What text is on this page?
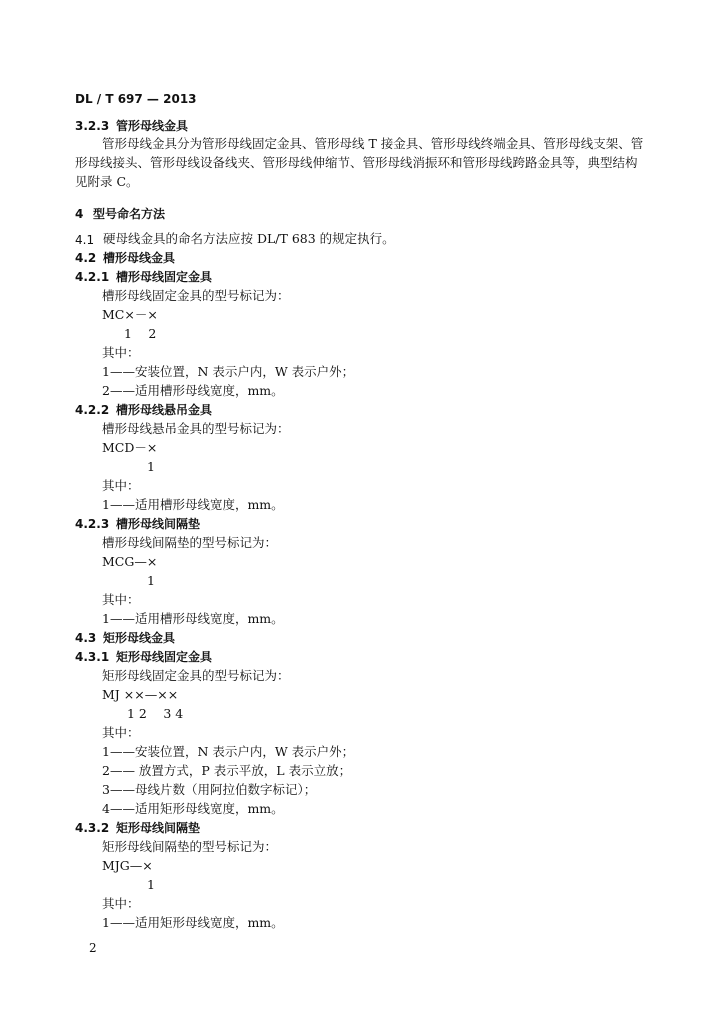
DL / T 697 — 2013
3.2.3 管形母线金具
管形母线金具分为管形母线固定金具、管形母线 T 接金具、管形母线终端金具、管形母线支架、管
形母线接头、管形母线设备线夹、管形母线伸缩节、管形母线消振环和管形母线跨路金具等，典型结构
见附录 C。
4 型号命名方法
4.1 硬母线金具的命名方法应按 DL/T 683 的规定执行。
4.2 槽形母线金具
4.2.1 槽形母线固定金具
槽形母线固定金具的型号标记为：
MC×－×
1　 2
其中：
1——安装位置，N 表示户内，W 表示户外；
2——适用槽形母线宽度，mm。
4.2.2 槽形母线悬吊金具
槽形母线悬吊金具的型号标记为：
MCD－×
1
其中：
1——适用槽形母线宽度，mm。
4.2.3 槽形母线间隔垫
槽形母线间隔垫的型号标记为：
MCG—×
1
其中：
1——适用槽形母线宽度，mm。
4.3 矩形母线金具
4.3.1 矩形母线固定金具
矩形母线固定金具的型号标记为：
MJ ××—××
1 2　 3 4
其中：
1——安装位置，N 表示户内，W 表示户外；
2—— 放置方式，P 表示平放，L 表示立放；
3——母线片数（用阿拉伯数字标记）；
4——适用矩形母线宽度，mm。
4.3.2 矩形母线间隔垫
矩形母线间隔垫的型号标记为：
MJG—×
1
其中：
1——适用矩形母线宽度，mm。
2
